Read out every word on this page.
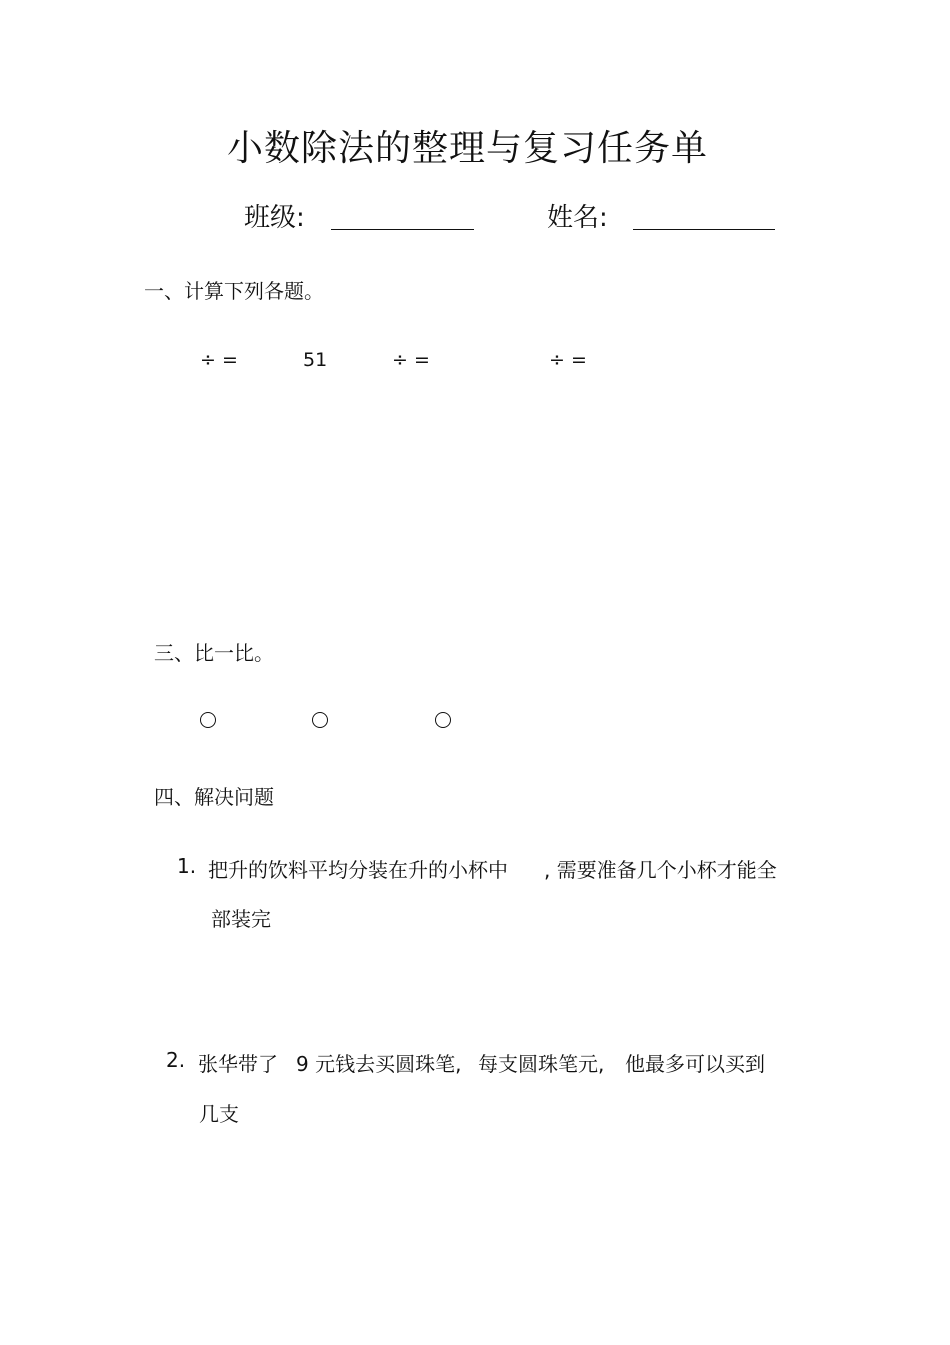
小数除法的整理与复习任务单
班级:	姓名:
一、计算下列各题。
÷ =	51	÷ =	÷ =
三、比一比。
四、解决问题
1. 把升的饮料平均分装在升的小杯中 , 需要准备几个小杯才能全
部装完
2. 张华带了 9 元钱去买圆珠笔, 每支圆珠笔元, 他最多可以买到
几支
